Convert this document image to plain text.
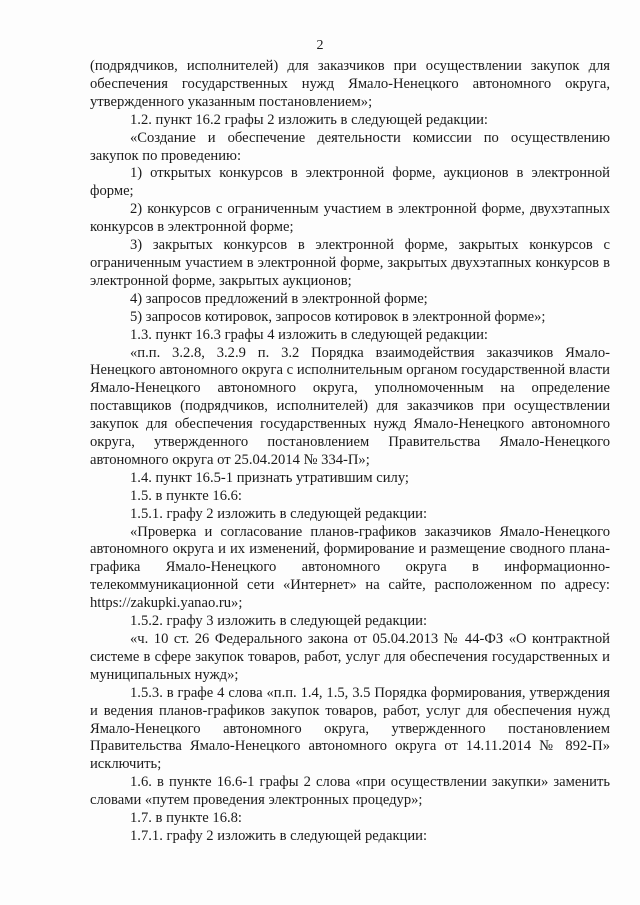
2

(подрядчиков, исполнителей) для заказчиков при осуществлении закупок для обеспечения государственных нужд Ямало-Ненецкого автономного округа, утвержденного указанным постановлением»;

1.2. пункт 16.2 графы 2 изложить в следующей редакции:

«Создание и обеспечение деятельности комиссии по осуществлению закупок по проведению:

1) открытых конкурсов в электронной форме, аукционов в электронной форме;

2) конкурсов с ограниченным участием в электронной форме, двухэтапных конкурсов в электронной форме;

3) закрытых конкурсов в электронной форме, закрытых конкурсов с ограниченным участием в электронной форме, закрытых двухэтапных конкурсов в электронной форме, закрытых аукционов;

4) запросов предложений в электронной форме;

5) запросов котировок, запросов котировок в электронной форме»;

1.3. пункт 16.3 графы 4 изложить в следующей редакции:

«п.п. 3.2.8, 3.2.9 п. 3.2 Порядка взаимодействия заказчиков Ямало-Ненецкого автономного округа с исполнительным органом государственной власти Ямало-Ненецкого автономного округа, уполномоченным на определение поставщиков (подрядчиков, исполнителей) для заказчиков при осуществлении закупок для обеспечения государственных нужд Ямало-Ненецкого автономного округа, утвержденного постановлением Правительства Ямало-Ненецкого автономного округа от 25.04.2014 № 334-П»;

1.4. пункт 16.5-1 признать утратившим силу;

1.5. в пункте 16.6:

1.5.1. графу 2 изложить в следующей редакции:

«Проверка и согласование планов-графиков заказчиков Ямало-Ненецкого автономного округа и их изменений, формирование и размещение сводного плана-графика Ямало-Ненецкого автономного округа в информационно-телекоммуникационной сети «Интернет» на сайте, расположенном по адресу: https://zakupki.yanao.ru»;

1.5.2. графу 3 изложить в следующей редакции:

«ч. 10 ст. 26 Федерального закона от 05.04.2013 № 44-ФЗ «О контрактной системе в сфере закупок товаров, работ, услуг для обеспечения государственных и муниципальных нужд»;

1.5.3. в графе 4 слова «п.п. 1.4, 1.5, 3.5 Порядка формирования, утверждения и ведения планов-графиков закупок товаров, работ, услуг для обеспечения нужд Ямало-Ненецкого автономного округа, утвержденного постановлением Правительства Ямало-Ненецкого автономного округа от 14.11.2014 № 892-П» исключить;

1.6. в пункте 16.6-1 графы 2 слова «при осуществлении закупки» заменить словами «путем проведения электронных процедур»;

1.7. в пункте 16.8:

1.7.1. графу 2 изложить в следующей редакции:
